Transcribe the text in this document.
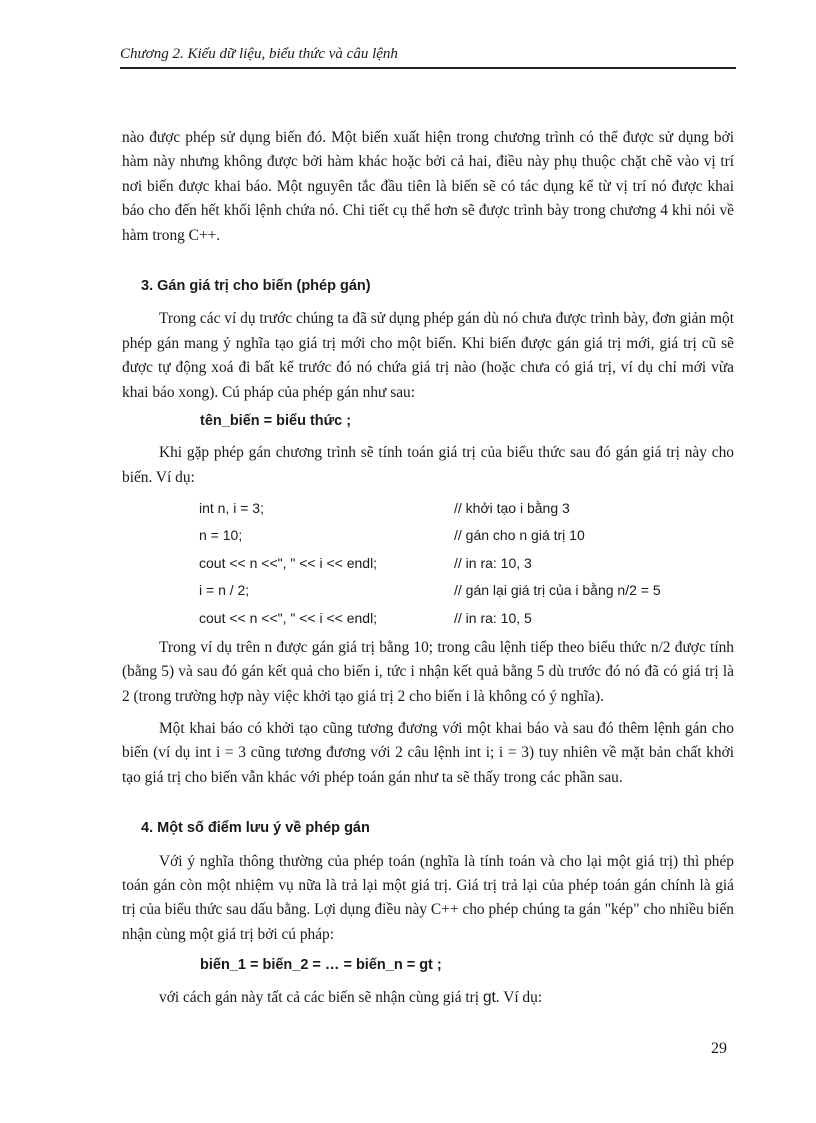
Chương 2. Kiểu dữ liệu, biểu thức và câu lệnh

nào được phép sử dụng biến đó. Một biến xuất hiện trong chương trình có thể được sử dụng bởi hàm này nhưng không được bởi hàm khác hoặc bởi cả hai, điều này phụ thuộc chặt chẽ vào vị trí nơi biến được khai báo. Một nguyên tắc đầu tiên là biến sẽ có tác dụng kể từ vị trí nó được khai báo cho đến hết khối lệnh chứa nó. Chi tiết cụ thể hơn sẽ được trình bày trong chương 4 khi nói về hàm trong C++.

3. Gán giá trị cho biến (phép gán)

Trong các ví dụ trước chúng ta đã sử dụng phép gán dù nó chưa được trình bày, đơn giản một phép gán mang ý nghĩa tạo giá trị mới cho một biến. Khi biến được gán giá trị mới, giá trị cũ sẽ được tự động xoá đi bất kể trước đó nó chứa giá trị nào (hoặc chưa có giá trị, ví dụ chỉ mới vừa khai báo xong). Cú pháp của phép gán như sau:

tên_biến = biểu thức ;

Khi gặp phép gán chương trình sẽ tính toán giá trị của biểu thức sau đó gán giá trị này cho biến. Ví dụ:

int n, i = 3;	// khởi tạo i bằng 3
n = 10;	// gán cho n giá trị 10
cout << n <<", " << i << endl;	// in ra: 10, 3
i = n / 2;	// gán lại giá trị của i bằng n/2 = 5
cout << n <<", " << i << endl;	// in ra: 10, 5

Trong ví dụ trên n được gán giá trị bằng 10; trong câu lệnh tiếp theo biểu thức n/2 được tính (bằng 5) và sau đó gán kết quả cho biến i, tức i nhận kết quả bằng 5 dù trước đó nó đã có giá trị là 2 (trong trường hợp này việc khởi tạo giá trị 2 cho biến i là không có ý nghĩa).

Một khai báo có khởi tạo cũng tương đương với một khai báo và sau đó thêm lệnh gán cho biến (ví dụ int i = 3 cũng tương đương với 2 câu lệnh int i; i = 3) tuy nhiên về mặt bản chất khởi tạo giá trị cho biến vẫn khác với phép toán gán như ta sẽ thấy trong các phần sau.

4. Một số điểm lưu ý về phép gán

Với ý nghĩa thông thường của phép toán (nghĩa là tính toán và cho lại một giá trị) thì phép toán gán còn một nhiệm vụ nữa là trả lại một giá trị. Giá trị trả lại của phép toán gán chính là giá trị của biểu thức sau dấu bằng. Lợi dụng điều này C++ cho phép chúng ta gán "kép" cho nhiều biến nhận cùng một giá trị bởi cú pháp:

biến_1 = biến_2 = … = biến_n = gt ;

với cách gán này tất cả các biến sẽ nhận cùng giá trị gt. Ví dụ:

29
